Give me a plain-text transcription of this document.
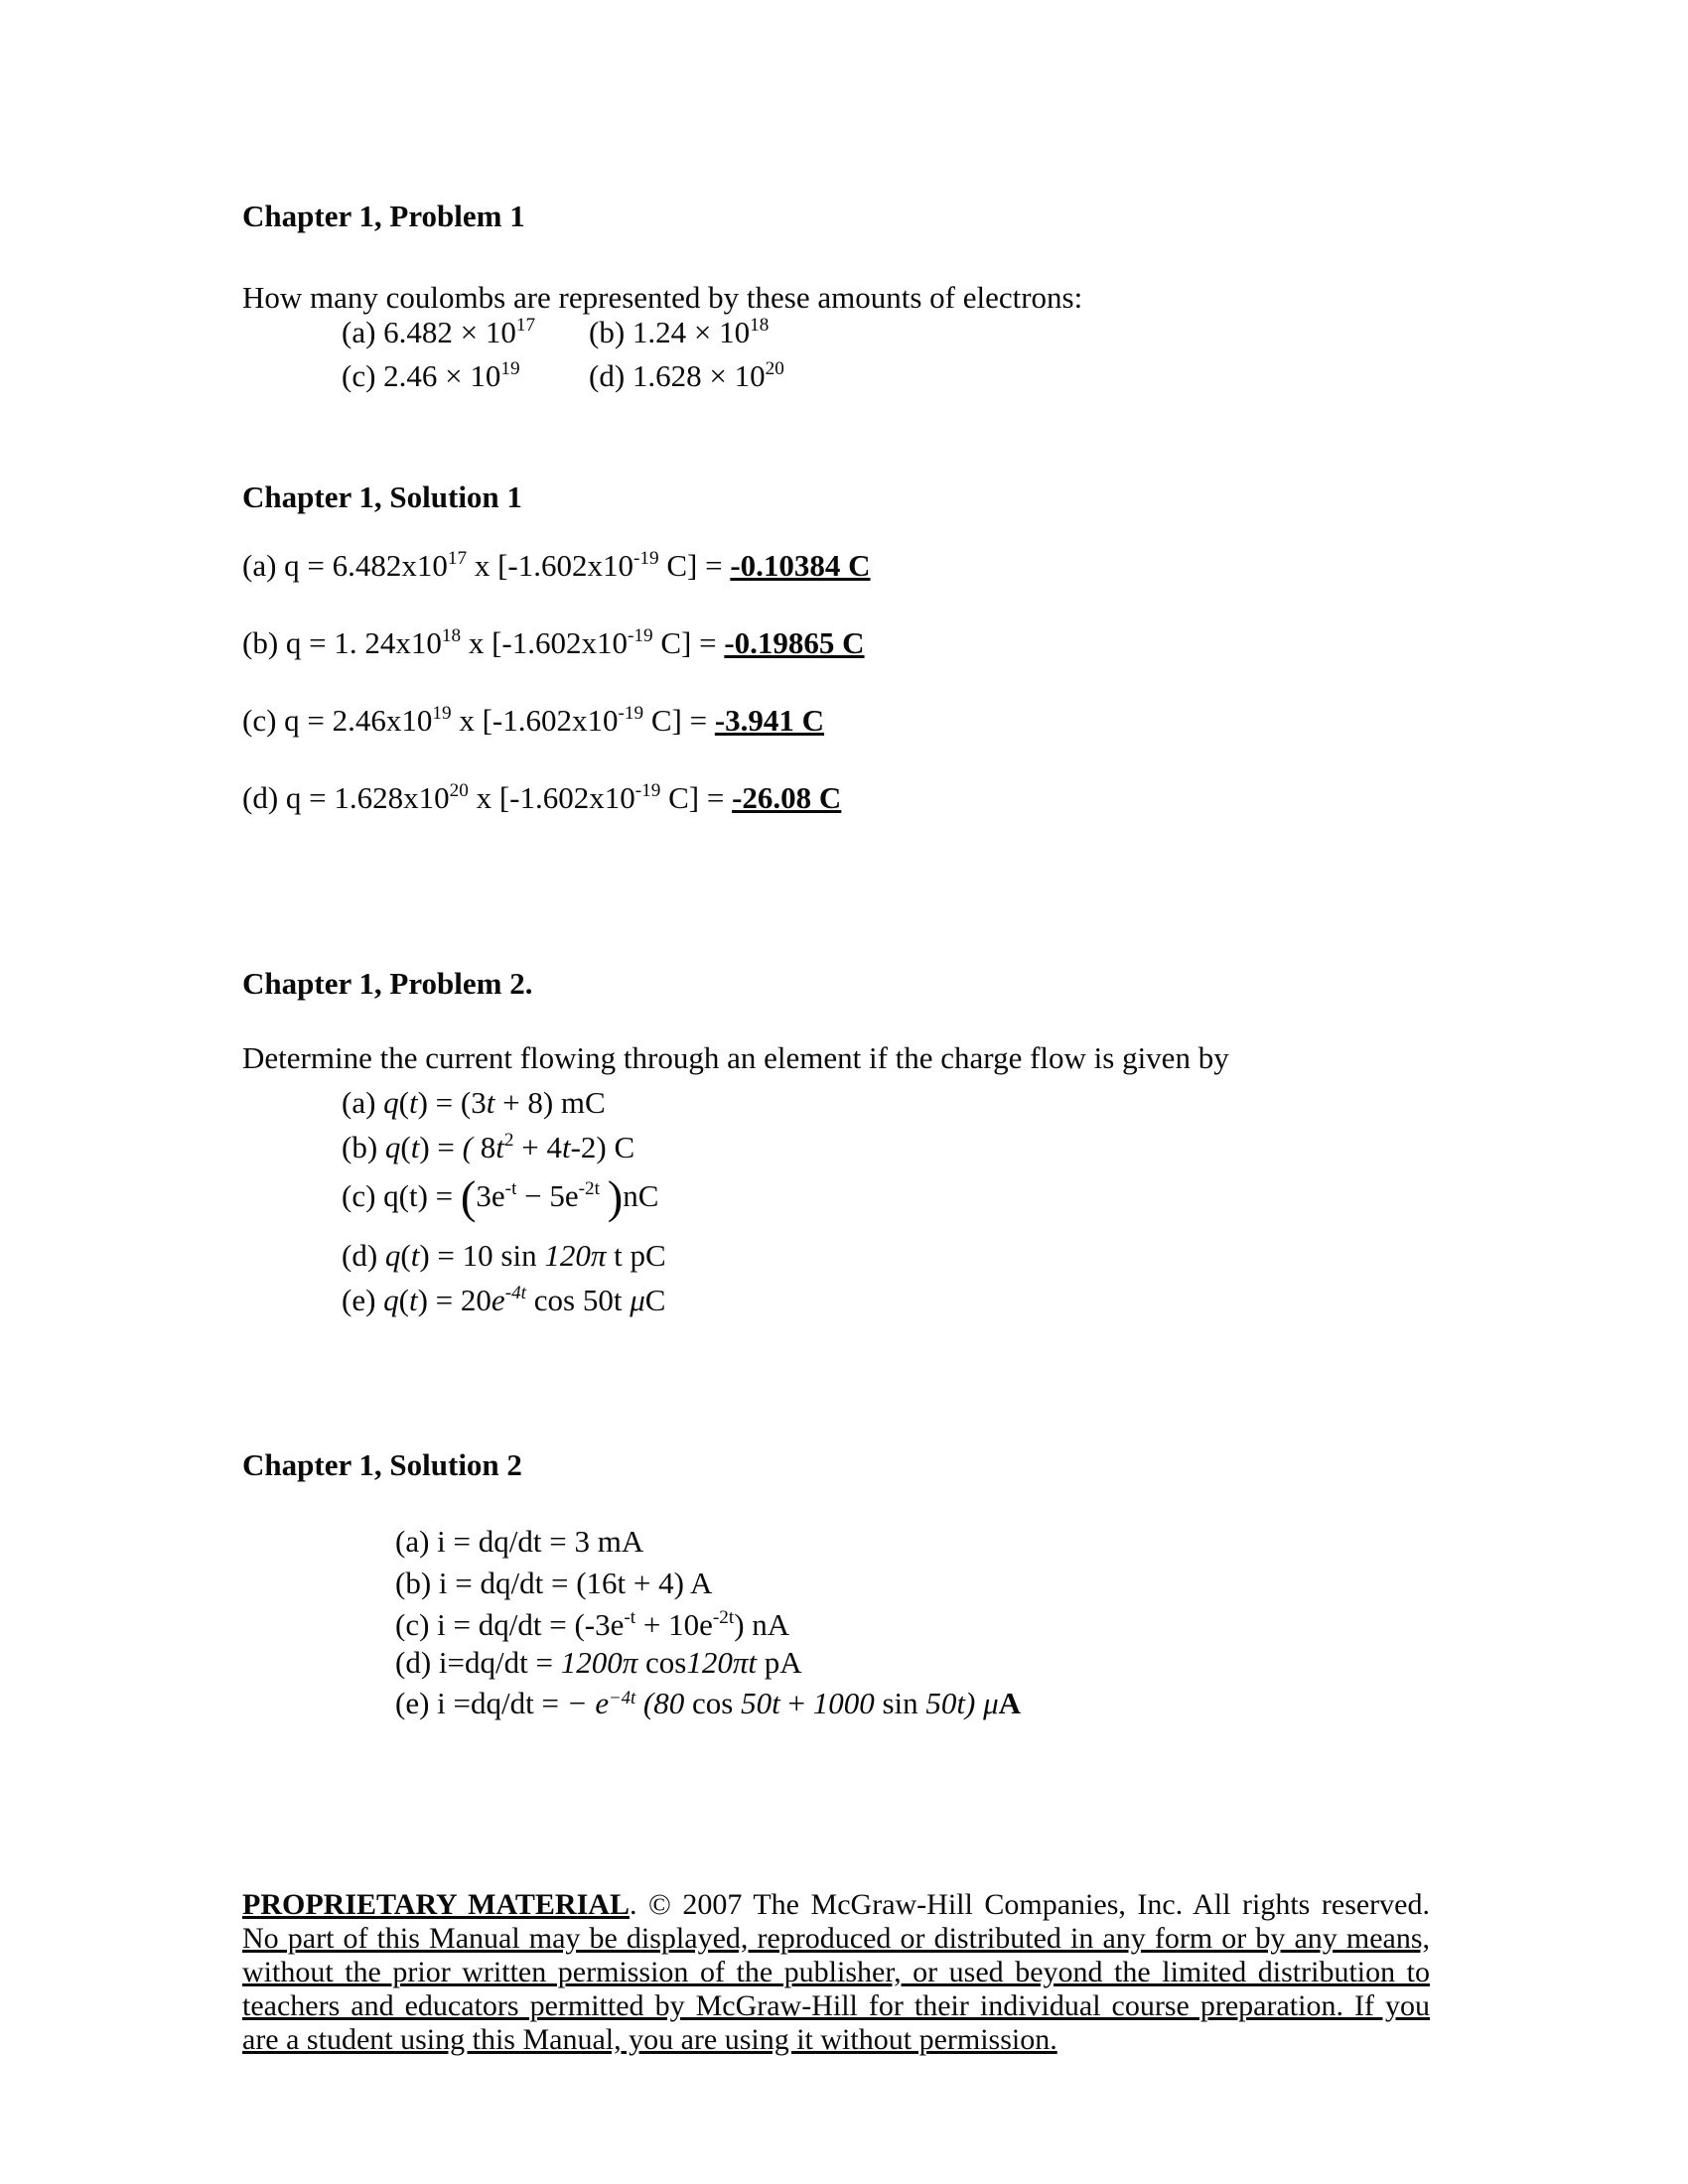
Chapter 1, Problem 1
How many coulombs are represented by these amounts of electrons:
(a) $6.482 \times 10^{17}$ (b) $1.24 \times 10^{18}$
(c) $2.46 \times 10^{19}$ (d) $1.628 \times 10^{20}$
Chapter 1, Solution 1
(a) $q = 6.482x10^{17}$ x [$-1.602x10^{-19}$ C] = -0.10384 C
(b) q = 1. $24x10^{18}$ x [$-1.602x10^{-19}$ C] = -0.19865 C
(c) $q = 2.46x10^{19}$ x [$-1.602x10^{-19}$ C] = -3.941 C
(d) $q = 1.628x10^{20}$ x [$-1.602x10^{-19}$ C] = -26.08 C
Chapter 1, Problem 2.
Determine the current flowing through an element if the charge flow is given by
(a) q(t) = (3t + 8) mC
(b) q(t) = ( $8t^2 + 4t-2$) C
(c) $q(t) = (3e^{-t} - 5e^{-2t}$ )nC
(d) q(t) = 10 sin 120π t pC
(e) $q(t) = 20e^{-4t}$ cos 50t μC
Chapter 1, Solution 2
(a) i = dq/dt = 3 mA
(b) i = dq/dt = (16t + 4) A
(c) $i = dq/dt = (-3e^{-t} + 10e^{-2t})$ nA
(d) i=dq/dt = 1200π cos120πt pA
(e) i =dq/dt = − $e^{-4t}$ (80 cos 50t + 1000 sin 50t) μA
PROPRIETARY MATERIAL. © 2007 The McGraw-Hill Companies, Inc. All rights reserved. No part of this Manual may be displayed, reproduced or distributed in any form or by any means, without the prior written permission of the publisher, or used beyond the limited distribution to teachers and educators permitted by McGraw-Hill for their individual course preparation. If you are a student using this Manual, you are using it without permission.
